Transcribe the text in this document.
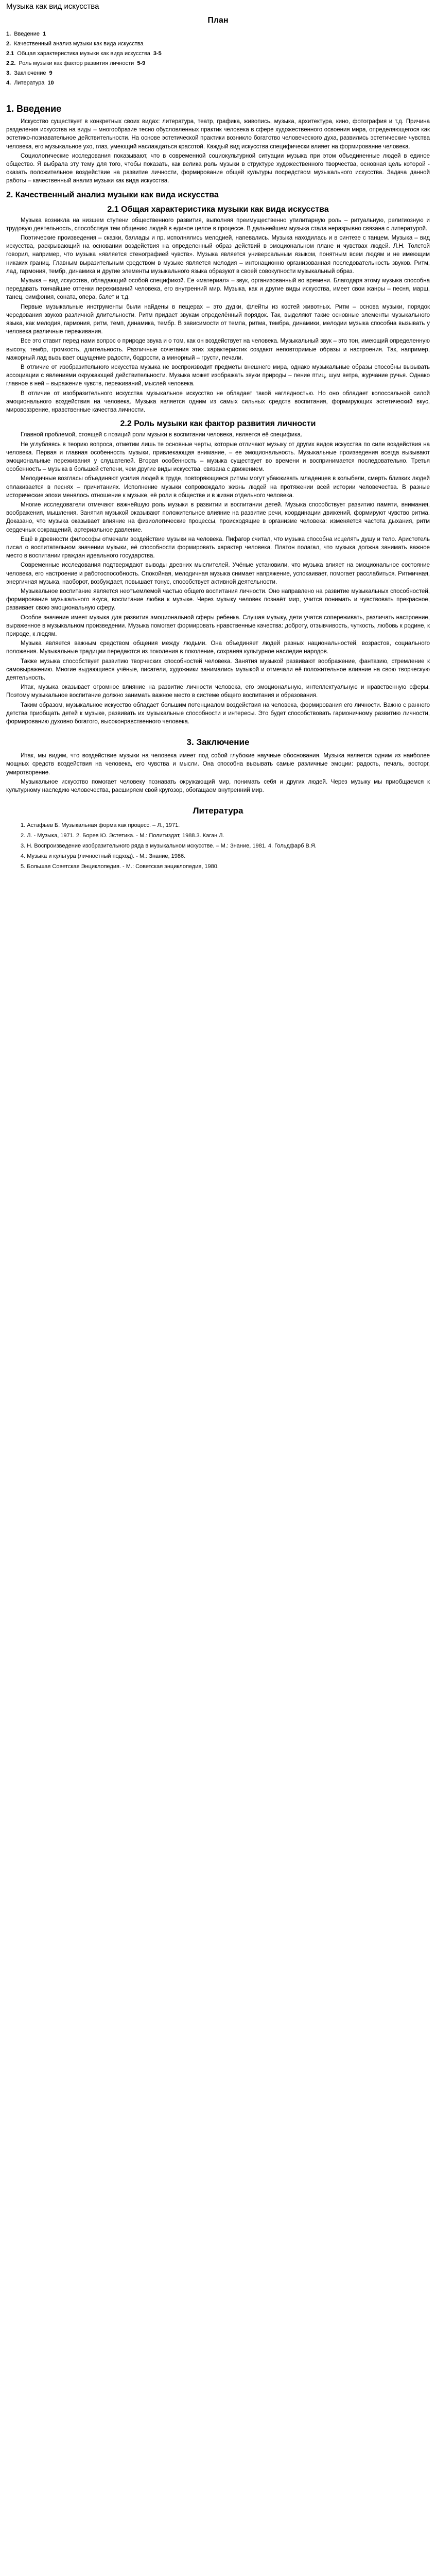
Музыка как вид искусства
План
1. Введение 1
2. Качественный анализ музыки как вида искусства
2.1 Общая характеристика музыки как вида искусства 3-5
2.2. Роль музыки как фактор развития личности 5-9
3. Заключение 9
4. Литература 10
1. Введение

Искусство существует в конкретных своих видах: литература, театр, графика, живопись, музыка, архитектура, кино, фотография и т.д. Причина разделения искусства на виды – многообразие тесно обусловленных практик человека в сфере художественного освоения мира, определяющегося как эстетико-познавательное действительности. На основе эстетической практики возникло богатство человеческого духа, развились эстетические чувства человека, его музыкальное ухо, глаз, умеющий наслаждаться красотой. Каждый вид искусства специфически влияет на формирование человека.

Социологические исследования показывают, что в современной социокультурной ситуации музыка при этом объединенные людей в единое общество. Я выбрала эту тему для того, чтобы показать, как велика роль музыки в структуре художественного творчества, основная цель которой - оказать положительное воздействие на развитие личности, формирование общей культуры посредством музыкального искусства. Задача данной работы – качественный анализ музыки как вида искусства.

2. Качественный анализ музыки как вида искусства
2.1 Общая характеристика музыки как вида искусства

Музыка возникла на низшем ступени общественного развития, выполняя преимущественно утилитарную роль – ритуальную, религиозную и трудовую деятельность, способствуя тем общению людей в единое целое в процессе. В дальнейшем музыка стала неразрывно связана с литературой.

Поэтические произведения – сказки, баллады и пр. исполнялись мелодией, напевались. Музыка находилась и в синтезе с танцем. Музыка – вид искусства, раскрывающий на основании воздействия на определенный образ действий в эмоциональном плане и чувствах людей. Л.Н. Толстой говорил, например, что музыка «является стенографией чувств». Музыка является универсальным языком, понятным всем людям и не имеющим никаких границ. Главным выразительным средством в музыке является мелодия – интонационно организованная последовательность звуков. Ритм, лад, гармония, тембр, динамика и другие элементы музыкального языка образуют в своей совокупности музыкальный образ.

Музыка – вид искусства, обладающий особой спецификой. Ее «материал» – звук, организованный во времени. Благодаря этому музыка способна передавать тончайшие оттенки переживаний человека, его внутренний мир. Музыка, как и другие виды искусства, имеет свои жанры – песня, марш, танец, симфония, соната, опера, балет и т.д.

Первые музыкальные инструменты были найдены в пещерах – это дудки, флейты из костей животных. Ритм – основа музыки, порядок чередования звуков различной длительности. Ритм придает звукам определённый порядок. Так, выделяют такие основные элементы музыкального языка, как мелодия, гармония, ритм, темп, динамика, тембр. В зависимости от темпа, ритма, тембра, динамики, мелодии музыка способна вызывать у человека различные переживания.

Все это ставит перед нами вопрос о природе звука и о том, как он воздействует на человека. Музыкальный звук – это тон, имеющий определенную высоту, тембр, громкость, длительность. Различные сочетания этих характеристик создают неповторимые образы и настроения. Так, например, мажорный лад вызывает ощущение радости, бодрости, а минорный – грусти, печали.

В отличие от изобразительного искусства музыка не воспроизводит предметы внешнего мира, однако музыкальные образы способны вызывать ассоциации с явлениями окружающей действительности. Музыка может изображать звуки природы – пение птиц, шум ветра, журчание ручья. Однако главное в ней – выражение чувств, переживаний, мыслей человека.

В отличие от изобразительного искусства музыкальное искусство не обладает такой наглядностью. Но оно обладает колоссальной силой эмоционального воздействия на человека. Музыка является одним из самых сильных средств воспитания, формирующих эстетический вкус, мировоззрение, нравственные качества личности.

2.2 Роль музыки как фактор развития личности

Главной проблемой, стоящей с позиций роли музыки в воспитании человека, является её специфика.

Не углубляясь в теорию вопроса, отметим лишь те основные черты, которые отличают музыку от других видов искусства по силе воздействия на человека. Первая и главная особенность музыки, привлекающая внимание, – ее эмоциональность. Музыкальные произведения всегда вызывают эмоциональные переживания у слушателей. Вторая особенность – музыка существует во времени и воспринимается последовательно. Третья особенность – музыка в большей степени, чем другие виды искусства, связана с движением.

Мелодичные возгласы объединяют усилия людей в труде, повторяющиеся ритмы могут убаюкивать младенцев в колыбели, смерть близких людей оплакивается в песнях – причитаниях. Исполнение музыки сопровождало жизнь людей на протяжении всей истории человечества. В разные исторические эпохи менялось отношение к музыке, её роли в обществе и в жизни отдельного человека.

Многие исследователи отмечают важнейшую роль музыки в развитии и воспитании детей. Музыка способствует развитию памяти, внимания, воображения, мышления. Занятия музыкой оказывают положительное влияние на развитие речи, координации движений, формируют чувство ритма. Доказано, что музыка оказывает влияние на физиологические процессы, происходящие в организме человека: изменяется частота дыхания, ритм сердечных сокращений, артериальное давление.

Ещё в древности философы отмечали воздействие музыки на человека. Пифагор считал, что музыка способна исцелять душу и тело. Аристотель писал о воспитательном значении музыки, её способности формировать характер человека. Платон полагал, что музыка должна занимать важное место в воспитании граждан идеального государства.

Современные исследования подтверждают выводы древних мыслителей. Учёные установили, что музыка влияет на эмоциональное состояние человека, его настроение и работоспособность. Спокойная, мелодичная музыка снимает напряжение, успокаивает, помогает расслабиться. Ритмичная, энергичная музыка, наоборот, возбуждает, повышает тонус, способствует активной деятельности.

Музыкальное воспитание является неотъемлемой частью общего воспитания личности. Оно направлено на развитие музыкальных способностей, формирование музыкального вкуса, воспитание любви к музыке. Через музыку человек познаёт мир, учится понимать и чувствовать прекрасное, развивает свою эмоциональную сферу.

Особое значение имеет музыка для развития эмоциональной сферы ребенка. Слушая музыку, дети учатся сопереживать, различать настроение, выраженное в музыкальном произведении. Музыка помогает формировать нравственные качества: доброту, отзывчивость, чуткость, любовь к родине, к природе, к людям.

Музыка является важным средством общения между людьми. Она объединяет людей разных национальностей, возрастов, социального положения. Музыкальные традиции передаются из поколения в поколение, сохраняя культурное наследие народов.

Также музыка способствует развитию творческих способностей человека. Занятия музыкой развивают воображение, фантазию, стремление к самовыражению. Многие выдающиеся учёные, писатели, художники занимались музыкой и отмечали её положительное влияние на свою творческую деятельность.

Итак, музыка оказывает огромное влияние на развитие личности человека, его эмоциональную, интеллектуальную и нравственную сферы. Поэтому музыкальное воспитание должно занимать важное место в системе общего воспитания и образования.

Таким образом, музыкальное искусство обладает большим потенциалом воздействия на человека, формирования его личности. Важно с раннего детства приобщать детей к музыке, развивать их музыкальные способности и интересы. Это будет способствовать гармоничному развитию личности, формированию духовно богатого, высоконравственного человека.

3. Заключение

Итак, мы видим, что воздействие музыки на человека имеет под собой глубокие научные обоснования. Музыка является одним из наиболее мощных средств воздействия на человека, его чувства и мысли. Она способна вызывать самые различные эмоции: радость, печаль, восторг, умиротворение.

Музыкальное искусство помогает человеку познавать окружающий мир, понимать себя и других людей. Через музыку мы приобщаемся к культурному наследию человечества, расширяем свой кругозор, обогащаем внутренний мир.

Литература
1. Астафьев Б. Музыкальная форма как процесс. – Л., 1971.
2. Л. - Музыка, 1971. 2. Борев Ю. Эстетика. - М.: Политиздат, 1988.3. Каган Л.
3. Н. Воспроизведение изобразительного ряда в музыкальном искусстве. – М.: Знание, 1981. 4. Гольдфарб В.Я.
4. Музыка и культура (личностный подход). - М.: Знание, 1986.
5. Большая Советская Энциклопедия. - М.: Советская энциклопедия, 1980.
